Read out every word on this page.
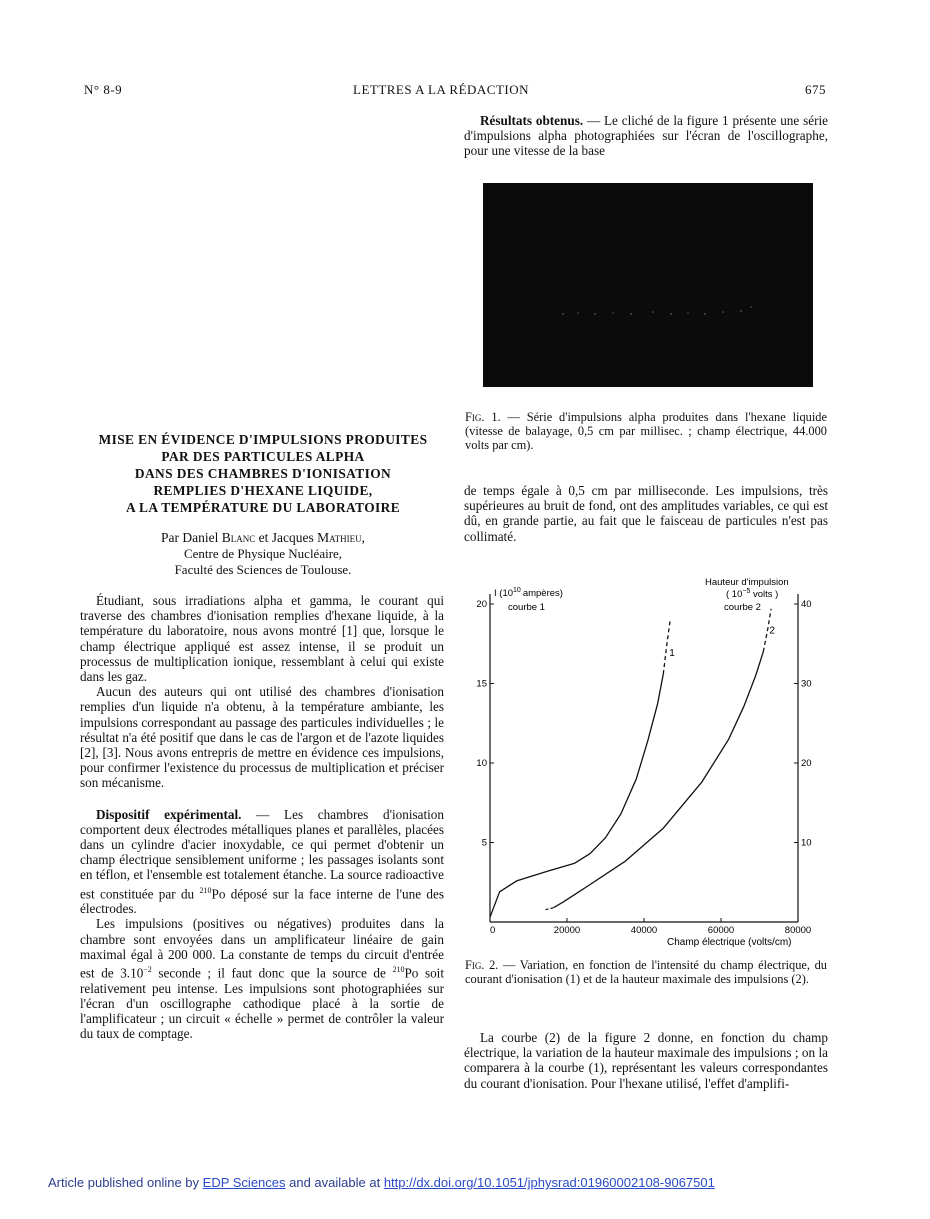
N° 8-9	LETTRES A LA RÉDACTION	675
MISE EN ÉVIDENCE D'IMPULSIONS PRODUITES
PAR DES PARTICULES ALPHA
DANS DES CHAMBRES D'IONISATION
REMPLIES D'HEXANE LIQUIDE,
A LA TEMPÉRATURE DU LABORATOIRE
Par Daniel Blanc et Jacques Mathieu,
Centre de Physique Nucléaire,
Faculté des Sciences de Toulouse.

Étudiant, sous irradiations alpha et gamma, le courant qui traverse des chambres d'ionisation remplies d'hexane liquide, à la température du laboratoire, nous avons montré [1] que, lorsque le champ électrique appliqué est assez intense, il se produit un processus de multiplication ionique, ressemblant à celui qui existe dans les gaz.

Aucun des auteurs qui ont utilisé des chambres d'ionisation remplies d'un liquide n'a obtenu, à la température ambiante, les impulsions correspondant au passage des particules individuelles ; le résultat n'a été positif que dans le cas de l'argon et de l'azote liquides [2], [3]. Nous avons entrepris de mettre en évidence ces impulsions, pour confirmer l'existence du processus de multiplication et préciser son mécanisme.

Dispositif expérimental. — Les chambres d'ionisation comportent deux électrodes métalliques planes et parallèles, placées dans un cylindre d'acier inoxydable, ce qui permet d'obtenir un champ électrique sensiblement uniforme ; les passages isolants sont en téflon, et l'ensemble est totalement étanche. La source radioactive est constituée par du $^{210}$Po déposé sur la face interne de l'une des électrodes.

Les impulsions (positives ou négatives) produites dans la chambre sont envoyées dans un amplificateur linéaire de gain maximal égal à 200 000. La constante de temps du circuit d'entrée est de $3.10^{-2}$ seconde ; il faut donc que la source de $^{210}$Po soit relativement peu intense. Les impulsions sont photographiées sur l'écran d'un oscillographe cathodique placé à la sortie de l'amplificateur ; un circuit « échelle » permet de contrôler la valeur du taux de comptage.

Résultats obtenus. — Le cliché de la figure 1 présente une série d'impulsions alpha photographiées sur l'écran de l'oscillographe, pour une vitesse de la base

Fig. 1. — Série d'impulsions alpha produites dans l'hexane liquide (vitesse de balayage, 0,5 cm par millisec. ; champ électrique, 44.000 volts par cm).

de temps égale à 0,5 cm par milliseconde. Les impulsions, très supérieures au bruit de fond, ont des amplitudes variables, ce qui est dû, en grande partie, au fait que le faisceau de particules n'est pas collimaté.

5
10
15
20
10
20
30
40
0	20000	40000	60000	80000
1
2
I ($10^{10}$ ampères)
courbe 1
Hauteur d'impulsion
( $10^{-5}$ volts )
courbe 2
Champ électrique (volts/cm)
Fig. 2. — Variation, en fonction de l'intensité du champ électrique, du courant d'ionisation (1) et de la hauteur maximale des impulsions (2).

La courbe (2) de la figure 2 donne, en fonction du champ électrique, la variation de la hauteur maximale des impulsions ; on la comparera à la courbe (1), représentant les valeurs correspondantes du courant d'ionisation. Pour l'hexane utilisé, l'effet d'amplifi-

Article published online by EDP Sciences and available at http://dx.doi.org/10.1051/jphysrad:01960002108-9067501
